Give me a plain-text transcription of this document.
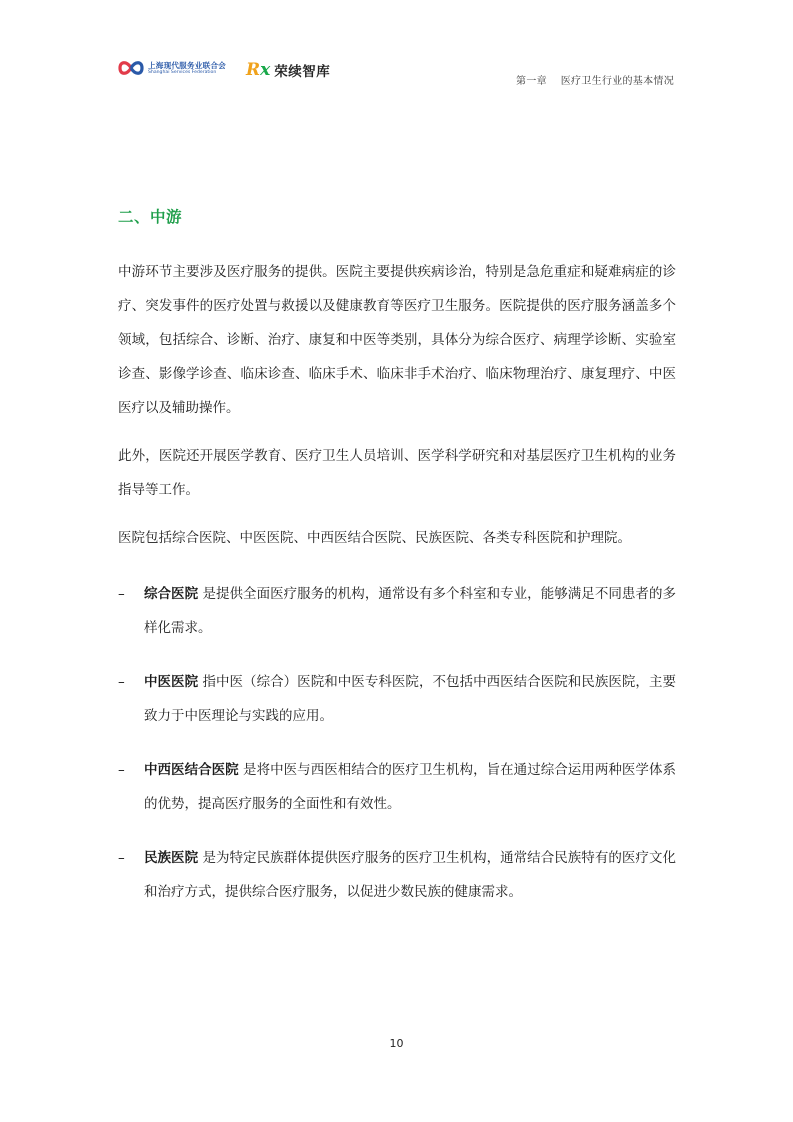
上海现代服务业联合会
Shanghai Services Federation	Rx 荣续智库
第一章　 医疗卫生行业的基本情况
二、中游

中游环节主要涉及医疗服务的提供。医院主要提供疾病诊治，特别是急危重症和疑难病症的诊疗、突发事件的医疗处置与救援以及健康教育等医疗卫生服务。医院提供的医疗服务涵盖多个领域，包括综合、诊断、治疗、康复和中医等类别，具体分为综合医疗、病理学诊断、实验室诊查、影像学诊查、临床诊查、临床手术、临床非手术治疗、临床物理治疗、康复理疗、中医医疗以及辅助操作。

此外，医院还开展医学教育、医疗卫生人员培训、医学科学研究和对基层医疗卫生机构的业务指导等工作。

医院包括综合医院、中医医院、中西医结合医院、民族医院、各类专科医院和护理院。

– 综合医院 是提供全面医疗服务的机构，通常设有多个科室和专业，能够满足不同患者的多样化需求。
– 中医医院 指中医（综合）医院和中医专科医院，不包括中西医结合医院和民族医院，主要致力于中医理论与实践的应用。
– 中西医结合医院 是将中医与西医相结合的医疗卫生机构，旨在通过综合运用两种医学体系的优势，提高医疗服务的全面性和有效性。
– 民族医院 是为特定民族群体提供医疗服务的医疗卫生机构，通常结合民族特有的医疗文化和治疗方式，提供综合医疗服务，以促进少数民族的健康需求。
10
